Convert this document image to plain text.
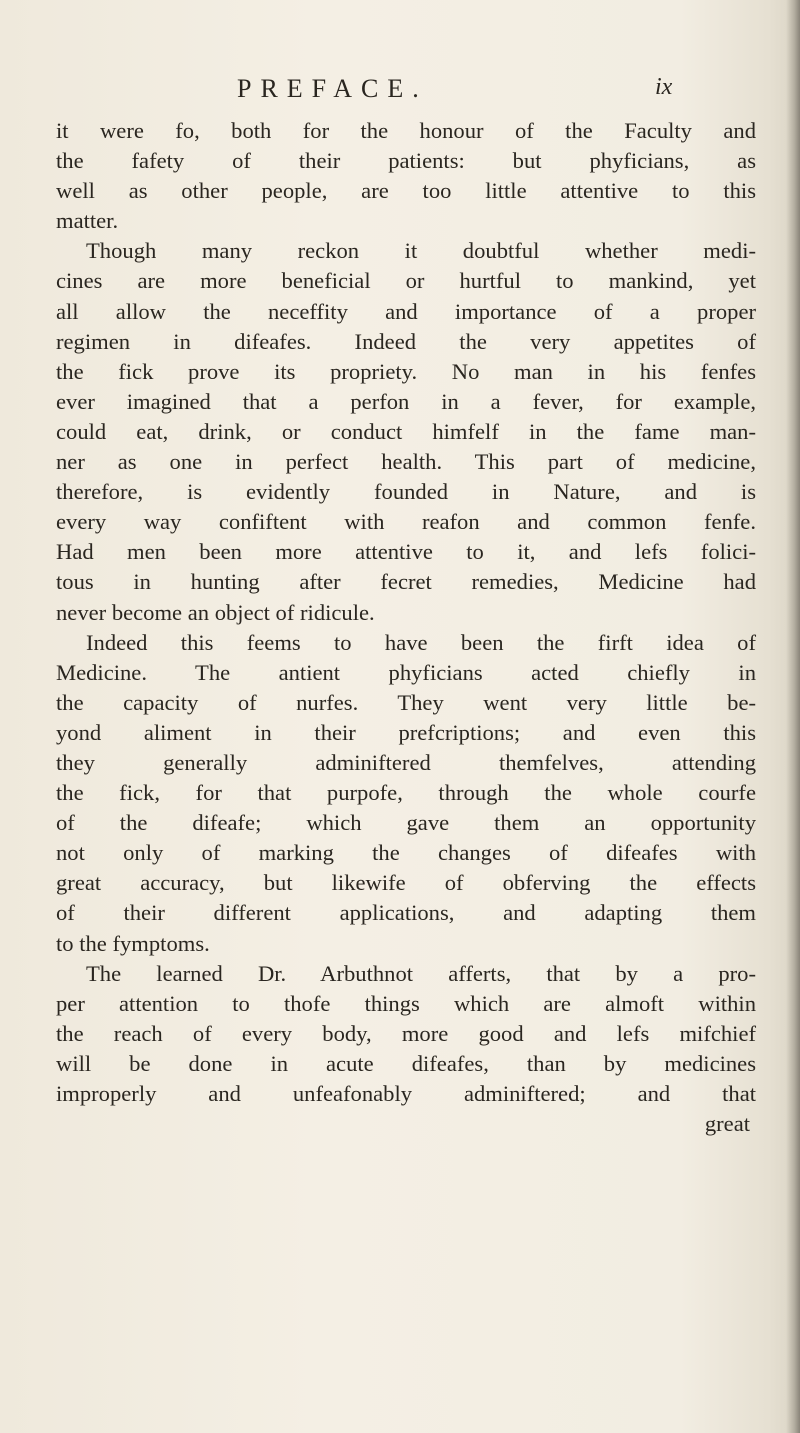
PREFACE.	ix
it were fo, both for the honour of the Faculty and
the fafety of their patients: but phyficians, as
well as other people, are too little attentive to this
matter.
Though many reckon it doubtful whether medi-
cines are more beneficial or hurtful to mankind, yet
all allow the neceffity and importance of a proper
regimen in difeafes. Indeed the very appetites of
the fick prove its propriety. No man in his fenfes
ever imagined that a perfon in a fever, for example,
could eat, drink, or conduct himfelf in the fame man-
ner as one in perfect health. This part of medicine,
therefore, is evidently founded in Nature, and is
every way confiftent with reafon and common fenfe.
Had men been more attentive to it, and lefs folici-
tous in hunting after fecret remedies, Medicine had
never become an object of ridicule.
Indeed this feems to have been the firft idea of
Medicine. The antient phyficians acted chiefly in
the capacity of nurfes. They went very little be-
yond aliment in their prefcriptions; and even this
they generally adminiftered themfelves, attending
the fick, for that purpofe, through the whole courfe
of the difeafe; which gave them an opportunity
not only of marking the changes of difeafes with
great accuracy, but likewife of obferving the effects
of their different applications, and adapting them
to the fymptoms.
The learned Dr. Arbuthnot afferts, that by a pro-
per attention to thofe things which are almoft within
the reach of every body, more good and lefs mifchief
will be done in acute difeafes, than by medicines
improperly and unfeafonably adminiftered; and that
great
